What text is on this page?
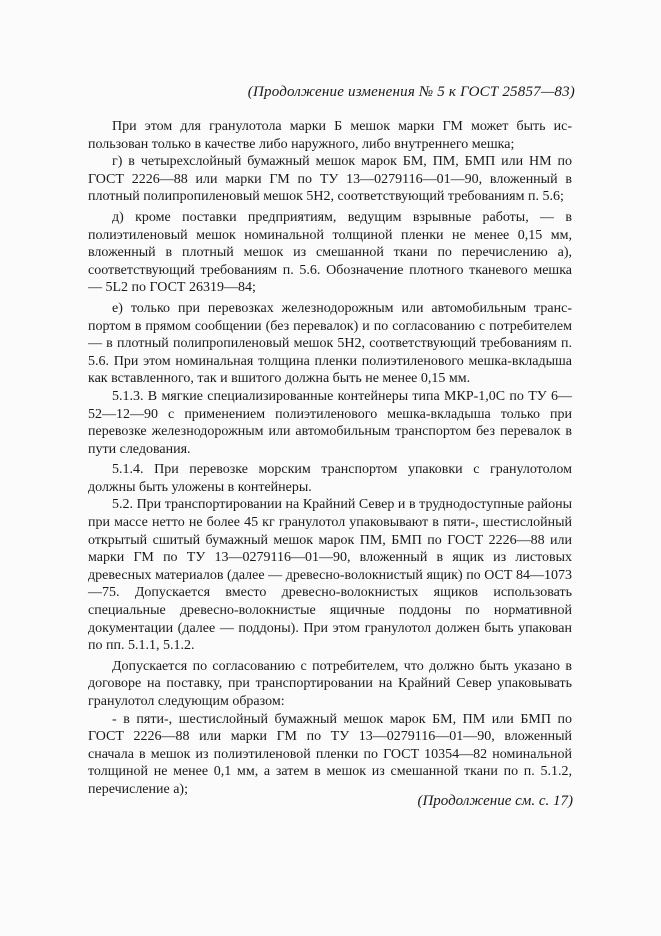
(Продолжение изменения № 5 к ГОСТ 25857—83)

При этом для гранулотола марки Б мешок марки ГМ может быть использован только в качестве либо наружного, либо внутреннего мешка;

г) в четырехслойный бумажный мешок марок БМ, ПМ, БМП или НМ по ГОСТ 2226—88 или марки ГМ по ТУ 13—0279116—01—90, вложенный в плотный полипропиленовый мешок 5Н2, соответствующий требованиям п. 5.6;

д) кроме поставки предприятиям, ведущим взрывные работы, — в полиэтиленовый мешок номинальной толщиной пленки не менее 0,15 мм, вложенный в плотный мешок из смешанной ткани по перечислению а), соответствующий требованиям п. 5.6. Обозначение плотного тканевого мешка — 5L2 по ГОСТ 26319—84;

е) только при перевозках железнодорожным или автомобильным транспортом в прямом сообщении (без перевалок) и по согласованию с потребителем — в плотный полипропиленовый мешок 5Н2, соответствующий требованиям п. 5.6. При этом номинальная толщина пленки полиэтиленового мешка-вкладыша как вставленного, так и вшитого должна быть не менее 0,15 мм.

5.1.3. В мягкие специализированные контейнеры типа МКР-1,0С по ТУ 6—52—12—90 с применением полиэтиленового мешка-вкладыша только при перевозке железнодорожным или автомобильным транспортом без перевалок в пути следования.

5.1.4. При перевозке морским транспортом упаковки с гранулотолом должны быть уложены в контейнеры.

5.2. При транспортировании на Крайний Север и в труднодоступные районы при массе нетто не более 45 кг гранулотол упаковывают в пяти-, шестислойный открытый сшитый бумажный мешок марок ПМ, БМП по ГОСТ 2226—88 или марки ГМ по ТУ 13—0279116—01—90, вложенный в ящик из листовых древесных материалов (далее — древесно-волокнистый ящик) по ОСТ 84—1073—75. Допускается вместо древесно-волокнистых ящиков использовать специальные древесно-волокнистые ящичные поддоны по нормативной документации (далее — поддоны). При этом гранулотол должен быть упакован по пп. 5.1.1, 5.1.2.

Допускается по согласованию с потребителем, что должно быть указано в договоре на поставку, при транспортировании на Крайний Север упаковывать гранулотол следующим образом:

- в пяти-, шестислойный бумажный мешок марок БМ, ПМ или БМП по ГОСТ 2226—88 или марки ГМ по ТУ 13—0279116—01—90, вложенный сначала в мешок из полиэтиленовой пленки по ГОСТ 10354—82 номинальной толщиной не менее 0,1 мм, а затем в мешок из смешанной ткани по п. 5.1.2, перечисление а);

(Продолжение см. с. 17)
